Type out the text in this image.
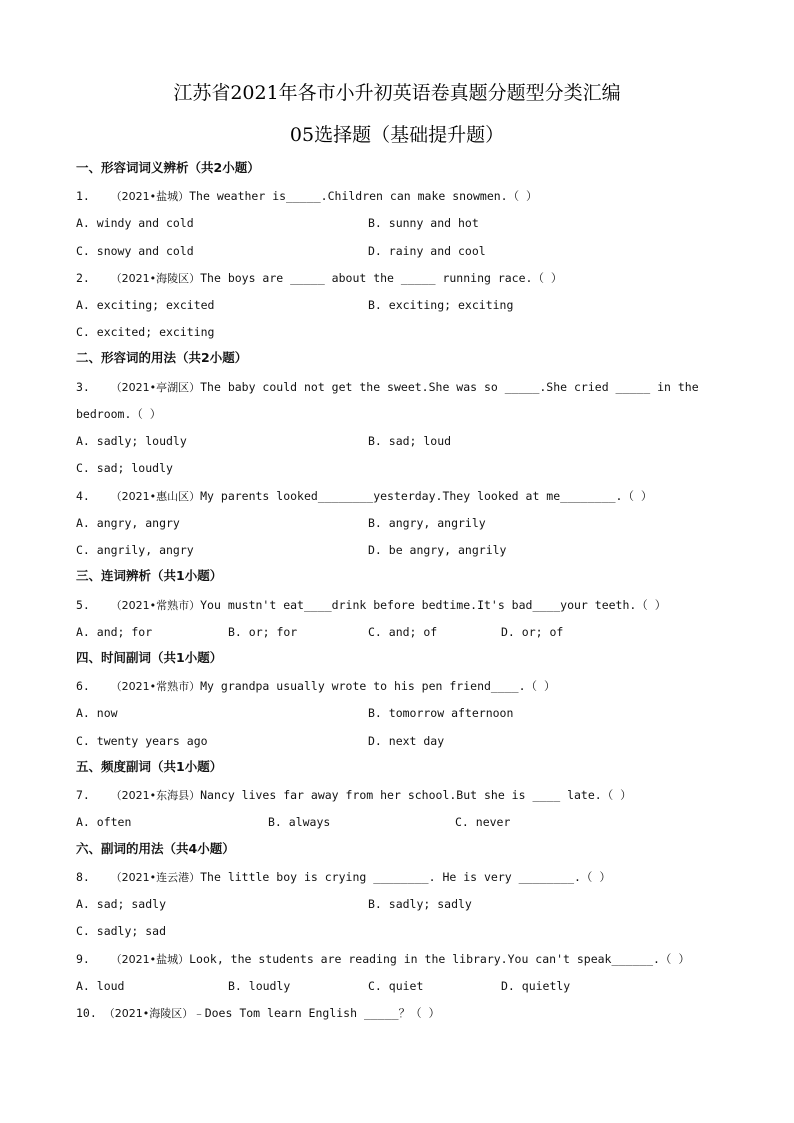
江苏省2021年各市小升初英语卷真题分题型分类汇编
05选择题（基础提升题）
一、形容词词义辨析（共2小题）
1. （2021•盐城）The weather is_____.Children can make snowmen.（ ）
A. windy and cold	B. sunny and hot
C. snowy and cold	D. rainy and cool
2. （2021•海陵区）The boys are _____ about the _____ running race.（ ）
A. exciting; excited	B. exciting; exciting
C. excited; exciting
二、形容词的用法（共2小题）
3. （2021•亭湖区）The baby could not get the sweet.She was so _____.She cried _____ in the
bedroom.（ ）
A. sadly; loudly	B. sad; loud
C. sad; loudly
4. （2021•惠山区）My parents looked________yesterday.They looked at me________.（ ）
A. angry, angry	B. angry, angrily
C. angrily, angry	D. be angry, angrily
三、连词辨析（共1小题）
5. （2021•常熟市）You mustn't eat____drink before bedtime.It's bad____your teeth.（ ）
A. and; for	B. or; for	C. and; of	D. or; of
四、时间副词（共1小题）
6. （2021•常熟市）My grandpa usually wrote to his pen friend____.（ ）
A. now	B. tomorrow afternoon
C. twenty years ago	D. next day
五、频度副词（共1小题）
7. （2021•东海县）Nancy lives far away from her school.But she is ____ late.（ ）
A. often	B. always	C. never
六、副词的用法（共4小题）
8. （2021•连云港）The little boy is crying ________. He is very ________.（ ）
A. sad; sadly	B. sadly; sadly
C. sadly; sad
9. （2021•盐城）Look, the students are reading in the library.You can't speak______.（ ）
A. loud	B. loudly	C. quiet	D. quietly
10. （2021•海陵区）﹣Does Tom learn English _____？（ ）
